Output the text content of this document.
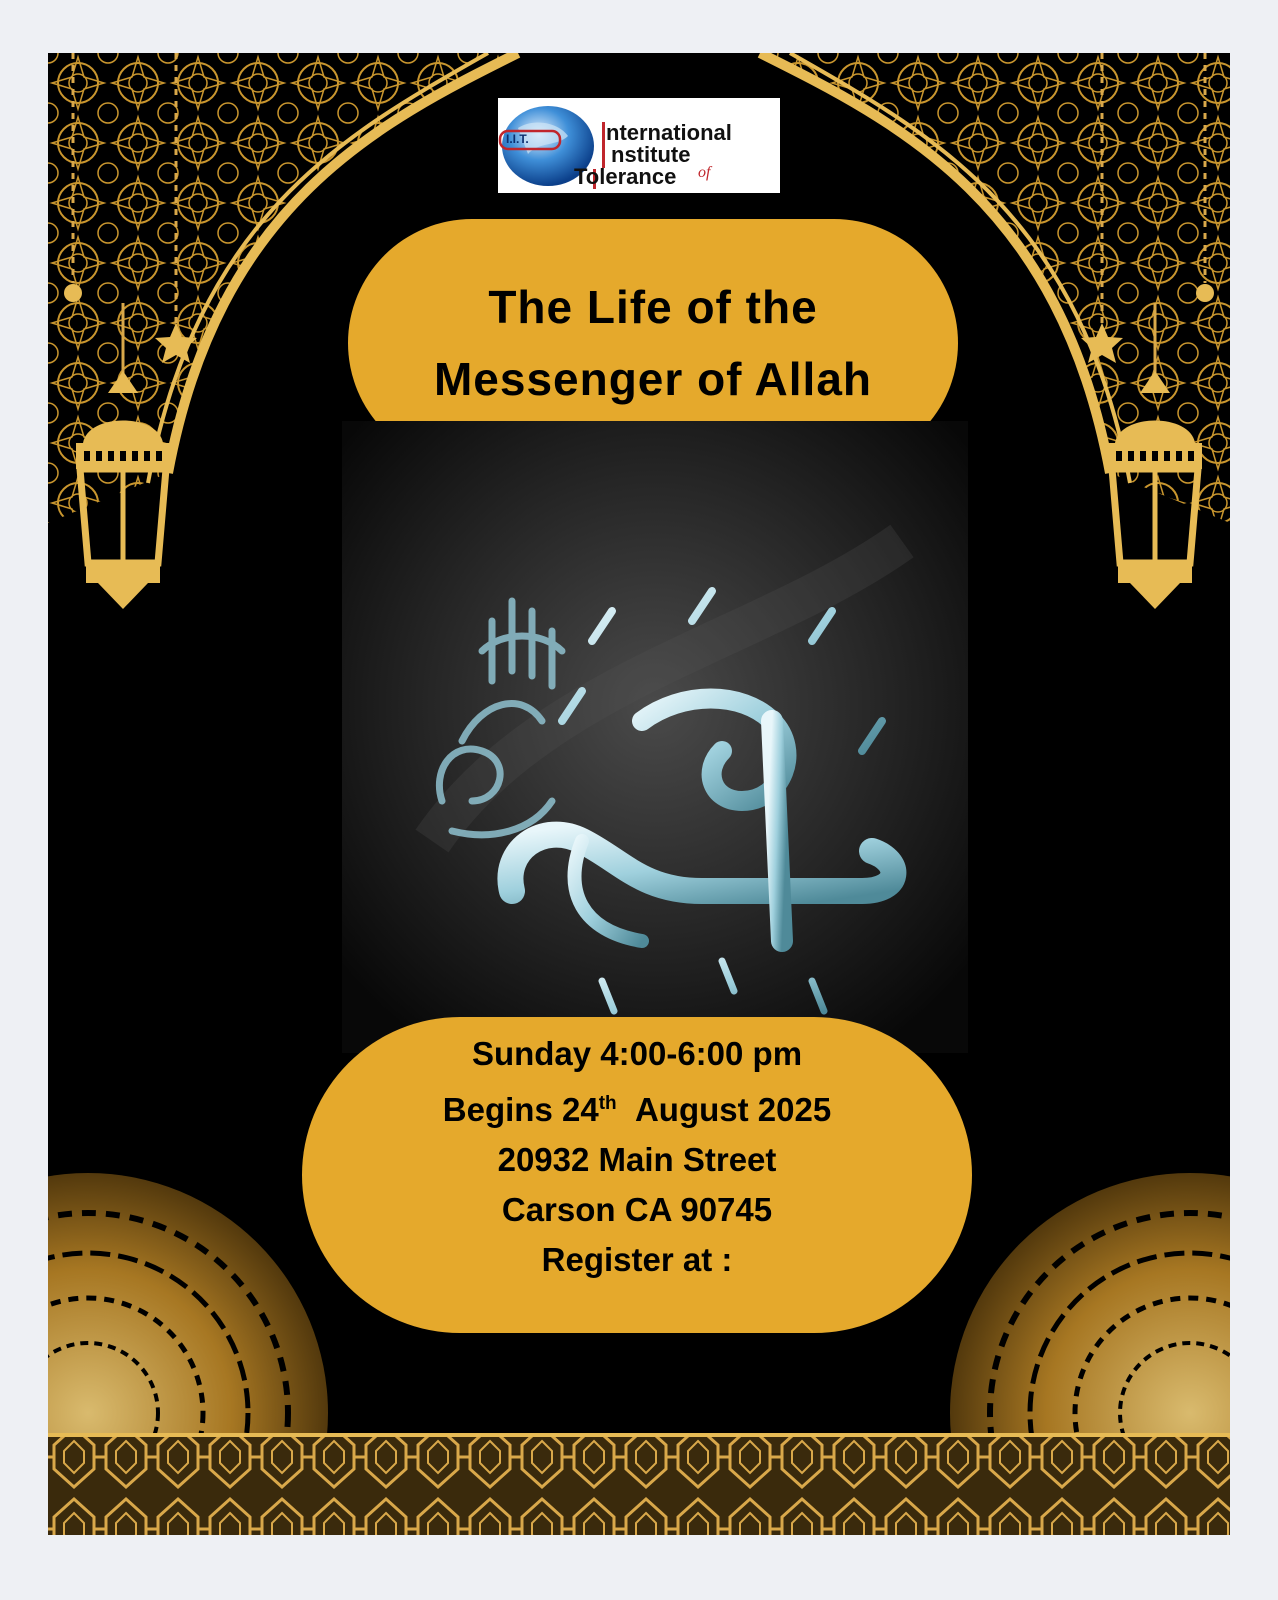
I.I.T.	nternational
nstitute
Tolerance of
The Life of the
Messenger of Allah
Sunday 4:00-6:00 pm
Begins 24th August 2025
20932 Main Street
Carson CA 90745
Register at :
